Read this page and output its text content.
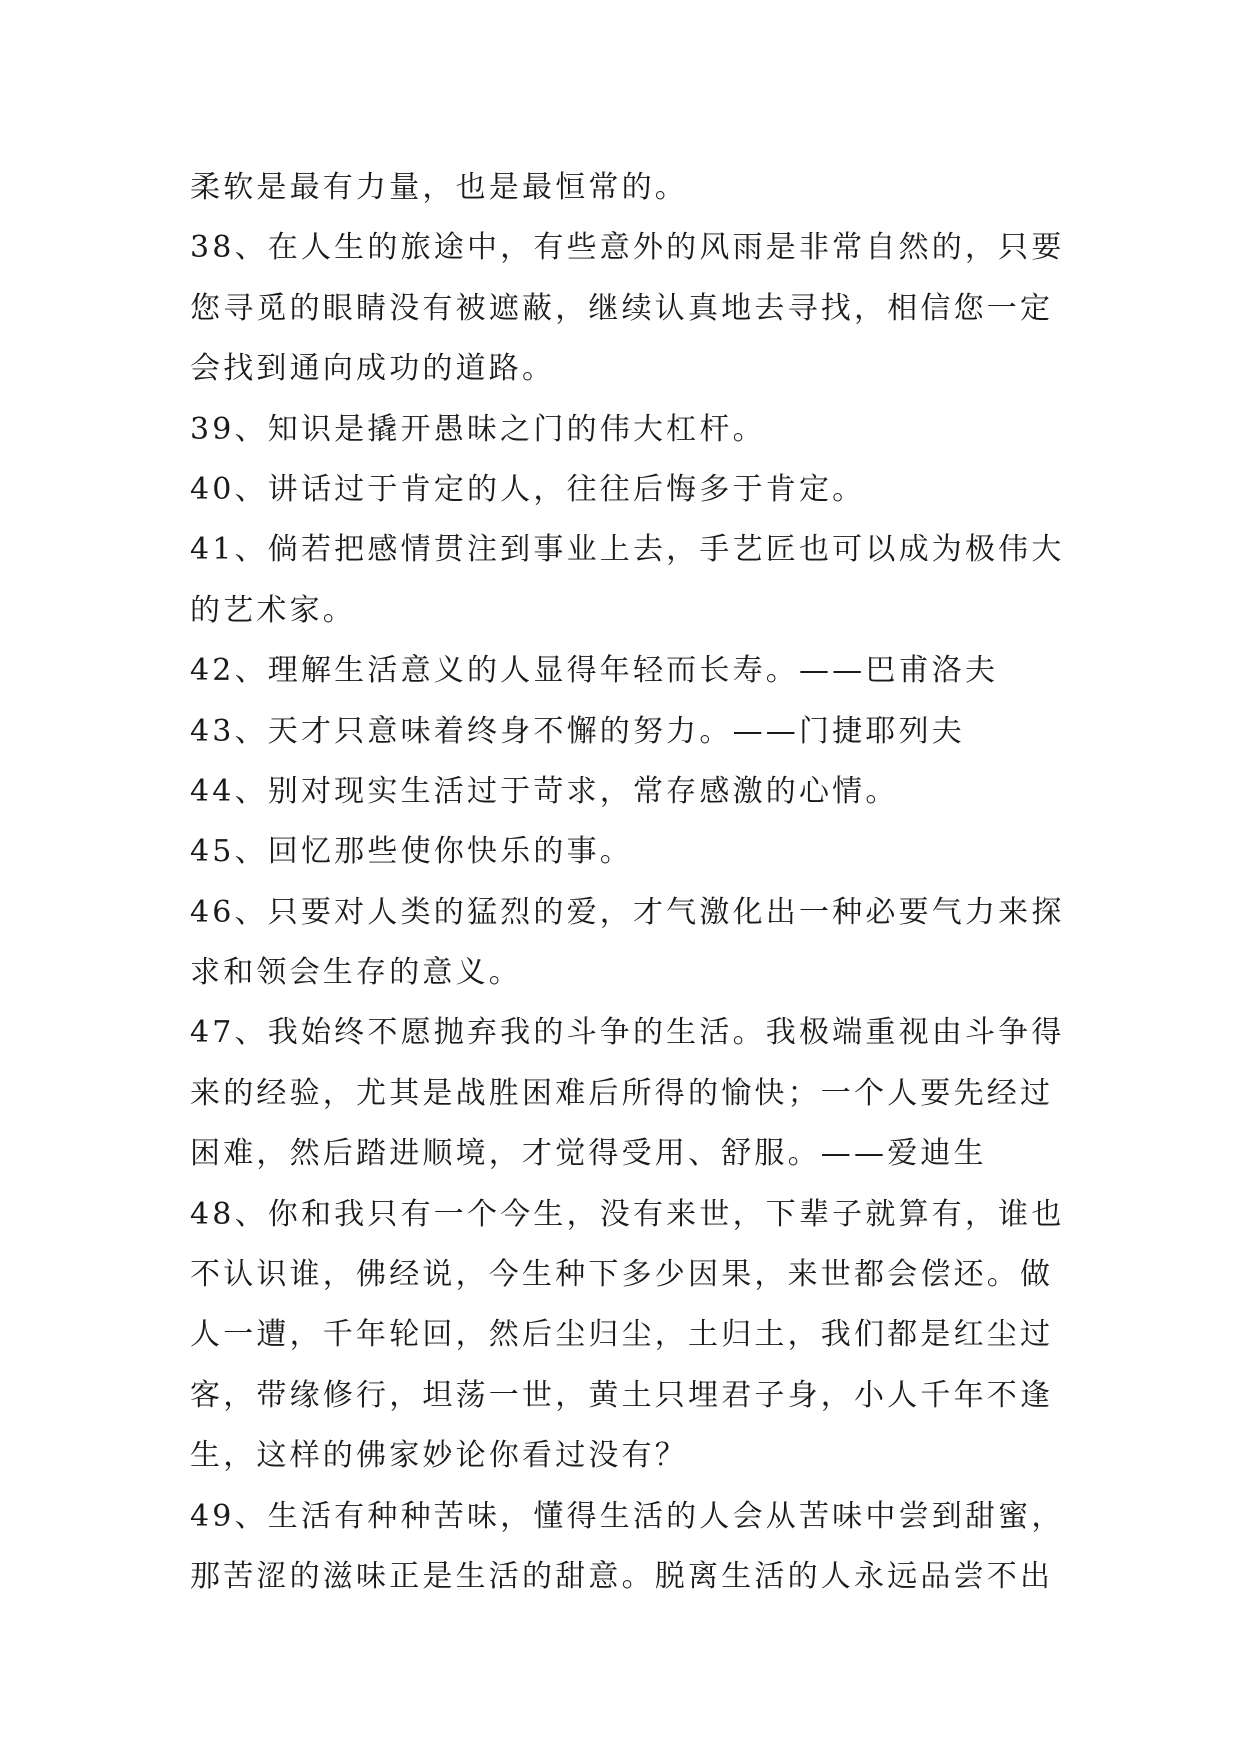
柔软是最有力量，也是最恒常的。
38、在人生的旅途中，有些意外的风雨是非常自然的，只要
您寻觅的眼睛没有被遮蔽，继续认真地去寻找，相信您一定
会找到通向成功的道路。
39、知识是撬开愚昧之门的伟大杠杆。
40、讲话过于肯定的人，往往后悔多于肯定。
41、倘若把感情贯注到事业上去，手艺匠也可以成为极伟大
的艺术家。
42、理解生活意义的人显得年轻而长寿。——巴甫洛夫
43、天才只意味着终身不懈的努力。——门捷耶列夫
44、别对现实生活过于苛求，常存感激的心情。
45、回忆那些使你快乐的事。
46、只要对人类的猛烈的爱，才气激化出一种必要气力来探
求和领会生存的意义。
47、我始终不愿抛弃我的斗争的生活。我极端重视由斗争得
来的经验，尤其是战胜困难后所得的愉快；一个人要先经过
困难，然后踏进顺境，才觉得受用、舒服。——爱迪生
48、你和我只有一个今生，没有来世，下辈子就算有，谁也
不认识谁，佛经说，今生种下多少因果，来世都会偿还。做
人一遭，千年轮回，然后尘归尘，土归土，我们都是红尘过
客，带缘修行，坦荡一世，黄土只埋君子身，小人千年不逢
生，这样的佛家妙论你看过没有？
49、生活有种种苦味，懂得生活的人会从苦味中尝到甜蜜，
那苦涩的滋味正是生活的甜意。脱离生活的人永远品尝不出
